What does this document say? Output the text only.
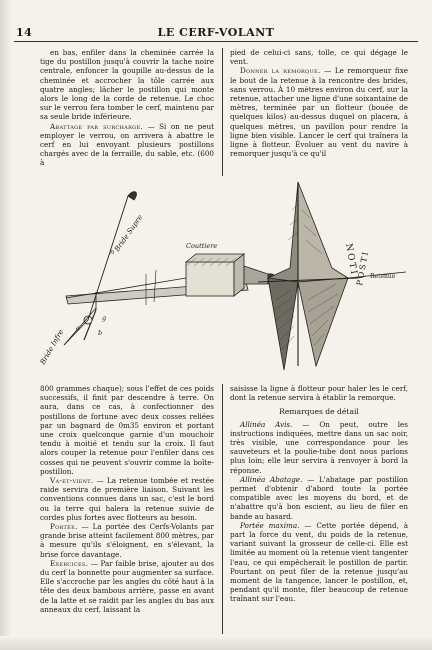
14	LE CERF-VOLANT

en bas, enfiler dans la cheminée carrée la tige du postillon jusqu'à couvrir la tache noire centrale, enfoncer la goupille au-dessus de la cheminée et accrocher la tôle carrée aux quatre angles; lâcher le postillon qui monte alors le long de la corde de retenue. Le choc sur le verrou fera tomber le cerf, maintenu par sa seule bride inférieure.

Abattage par surcharge. — Si on ne peut employer le verrou, on arrivera à abattre le cerf en lui envoyant plusieurs postillons chargés avec de la ferraille, du sable, etc. (600 à

pied de celui-ci sans, tolle, ce qui dégage le vent.

Donner la remorque. — Le remorqueur fixe le bout de la retenue à la rencontre des brides, sans verrou. À 10 mètres environ du cerf, sur la retenue, attacher une ligne d'une soixantaine de mètres, terminée par un flotteur (bouée de quelques kilos) au-dessus duquel on placera, à quelques mètres, un pavillon pour rendre la ligne bien visible. Lancer le cerf qui traînera la ligne à flotteur. Évoluer au vent du navire à remorquer jusqu'à ce qu'il

Bride Supre
Bride Infre
Couttiere
Retenue
NOTI
POSTI
a
b
g
n

800 grammes chaque); sous l'effet de ces poids successifs, il finit par descendre à terre. On aura, dans ce cas, à confectionner des postillons de fortune avec deux cosses reliées par un bagnard de 0m35 environ et portant une croix quelconque garnie d'un mouchoir tendu à moitié et tendu sur la croix. Il faut alors couper la retenue pour l'enfiler dans ces cosses qui ne peuvent s'ouvrir comme la boîte-postillon.

Va-et-vient. — La retenue tombée et restée raide servira de première liaison. Suivant les conventions connues dans un sac, c'est le bord ou la terre qui halera la retenue suivie de cordes plus fortes avec flotteurs au besoin.

Portée. — La portée des Cerfs-Volants par grande brise atteint facilement 800 mètres, par à mesure qu'ils s'éloignent, en s'élevant, la brise force davantage.

Exercices. — Par faible brise, ajouter au dos du cerf la bonnette pour augmenter sa surface. Elle s'accroche par les angles du côté haut à la tête des deux bambous arrière, passe en avant de la latte et se raidit par les angles du bas aux anneaux du cerf, laissant la

saisisse la ligne à flotteur pour haler les le cerf, dont la retenue servira à établir la remorque.

Remarques de détail

Allinéa Avis. — On peut, outre les instructions indiquées, mettre dans un sac noir, très visible, une correspondance pour les sauveteurs et la poulie-tube dont nous parlons plus loin; elle leur servira à renvoyer à bord la réponse.

Allinéa Abatage. — L'abatage par postillon permet d'obtenir d'abord toute la portée compatible avec les moyens du bord, et de n'abattre qu'à bon escient, au lieu de filer en bande au hasard.

Portée maxima. — Cette portée dépend, à part la force du vent, du poids de la retenue, variant suivant la grosseur de celle-ci. Elle est limitée au moment où la retenue vient tangenter l'eau, ce qui empêcherait le postillon de partir. Pourtant on peut filer de la retenue jusqu'au moment de la tangence, lancer le postillon, et, pendant qu'il monte, filer beaucoup de retenue traînant sur l'eau.
